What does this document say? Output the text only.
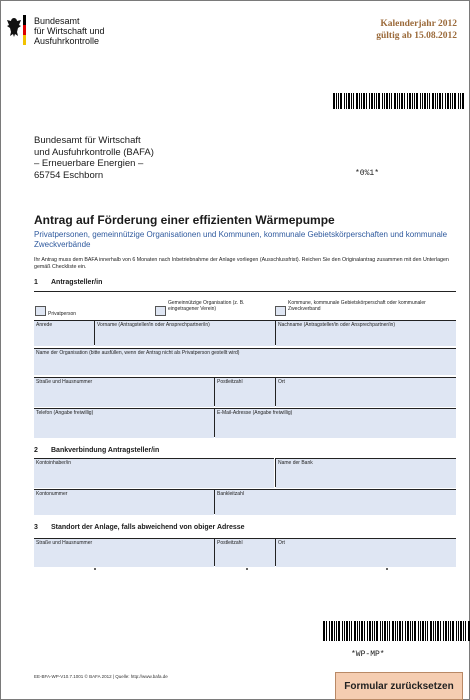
Bundesamt
für Wirtschaft und
Ausfuhrkontrolle
Kalenderjahr 2012
gültig ab 15.08.2012
Bundesamt für Wirtschaft
und Ausfuhrkontrolle (BAFA)
– Erneuerbare Energien –
65754 Eschborn	*0%1*
Antrag auf Förderung einer effizienten Wärmepumpe
Privatpersonen, gemeinnützige Organisationen und Kommunen, kommunale Gebietskörperschaften und kommunale Zweckverbände
Ihr Antrag muss dem BAFA innerhalb von 6 Monaten nach Inbetriebnahme der Anlage vorliegen (Ausschlussfrist). Reichen Sie den Originalantrag zusammen mit den Unterlagen gemäß Checkliste ein.
1 Antragsteller/in
Privatperson
Gemeinnützige Organisation (z. B. eingetragener Verein)
Kommune, kommunale Gebietskörperschaft oder kommunaler Zweckverband
Anrede	Vorname (Antragsteller/in oder Ansprechpartner/in)	Nachname (Antragsteller/in oder Ansprechpartner/in)
Name der Organisation (bitte ausfüllen, wenn der Antrag nicht als Privatperson gestellt wird)
Straße und Hausnummer	Postleitzahl	Ort
Telefon (Angabe freiwillig)	E-Mail-Adresse (Angabe freiwillig)
2 Bankverbindung Antragsteller/in
Kontoinhaber/in	Name der Bank
Kontonummer	Bankleitzahl
3 Standort der Anlage, falls abweichend von obiger Adresse
Straße und Hausnummer	Postleitzahl	Ort
*WP-MP*
EE-BFA-WP-V10.7.1001 © BAFA 2012 | Quelle: http://www.bafa.de
Formular zurücksetzen
